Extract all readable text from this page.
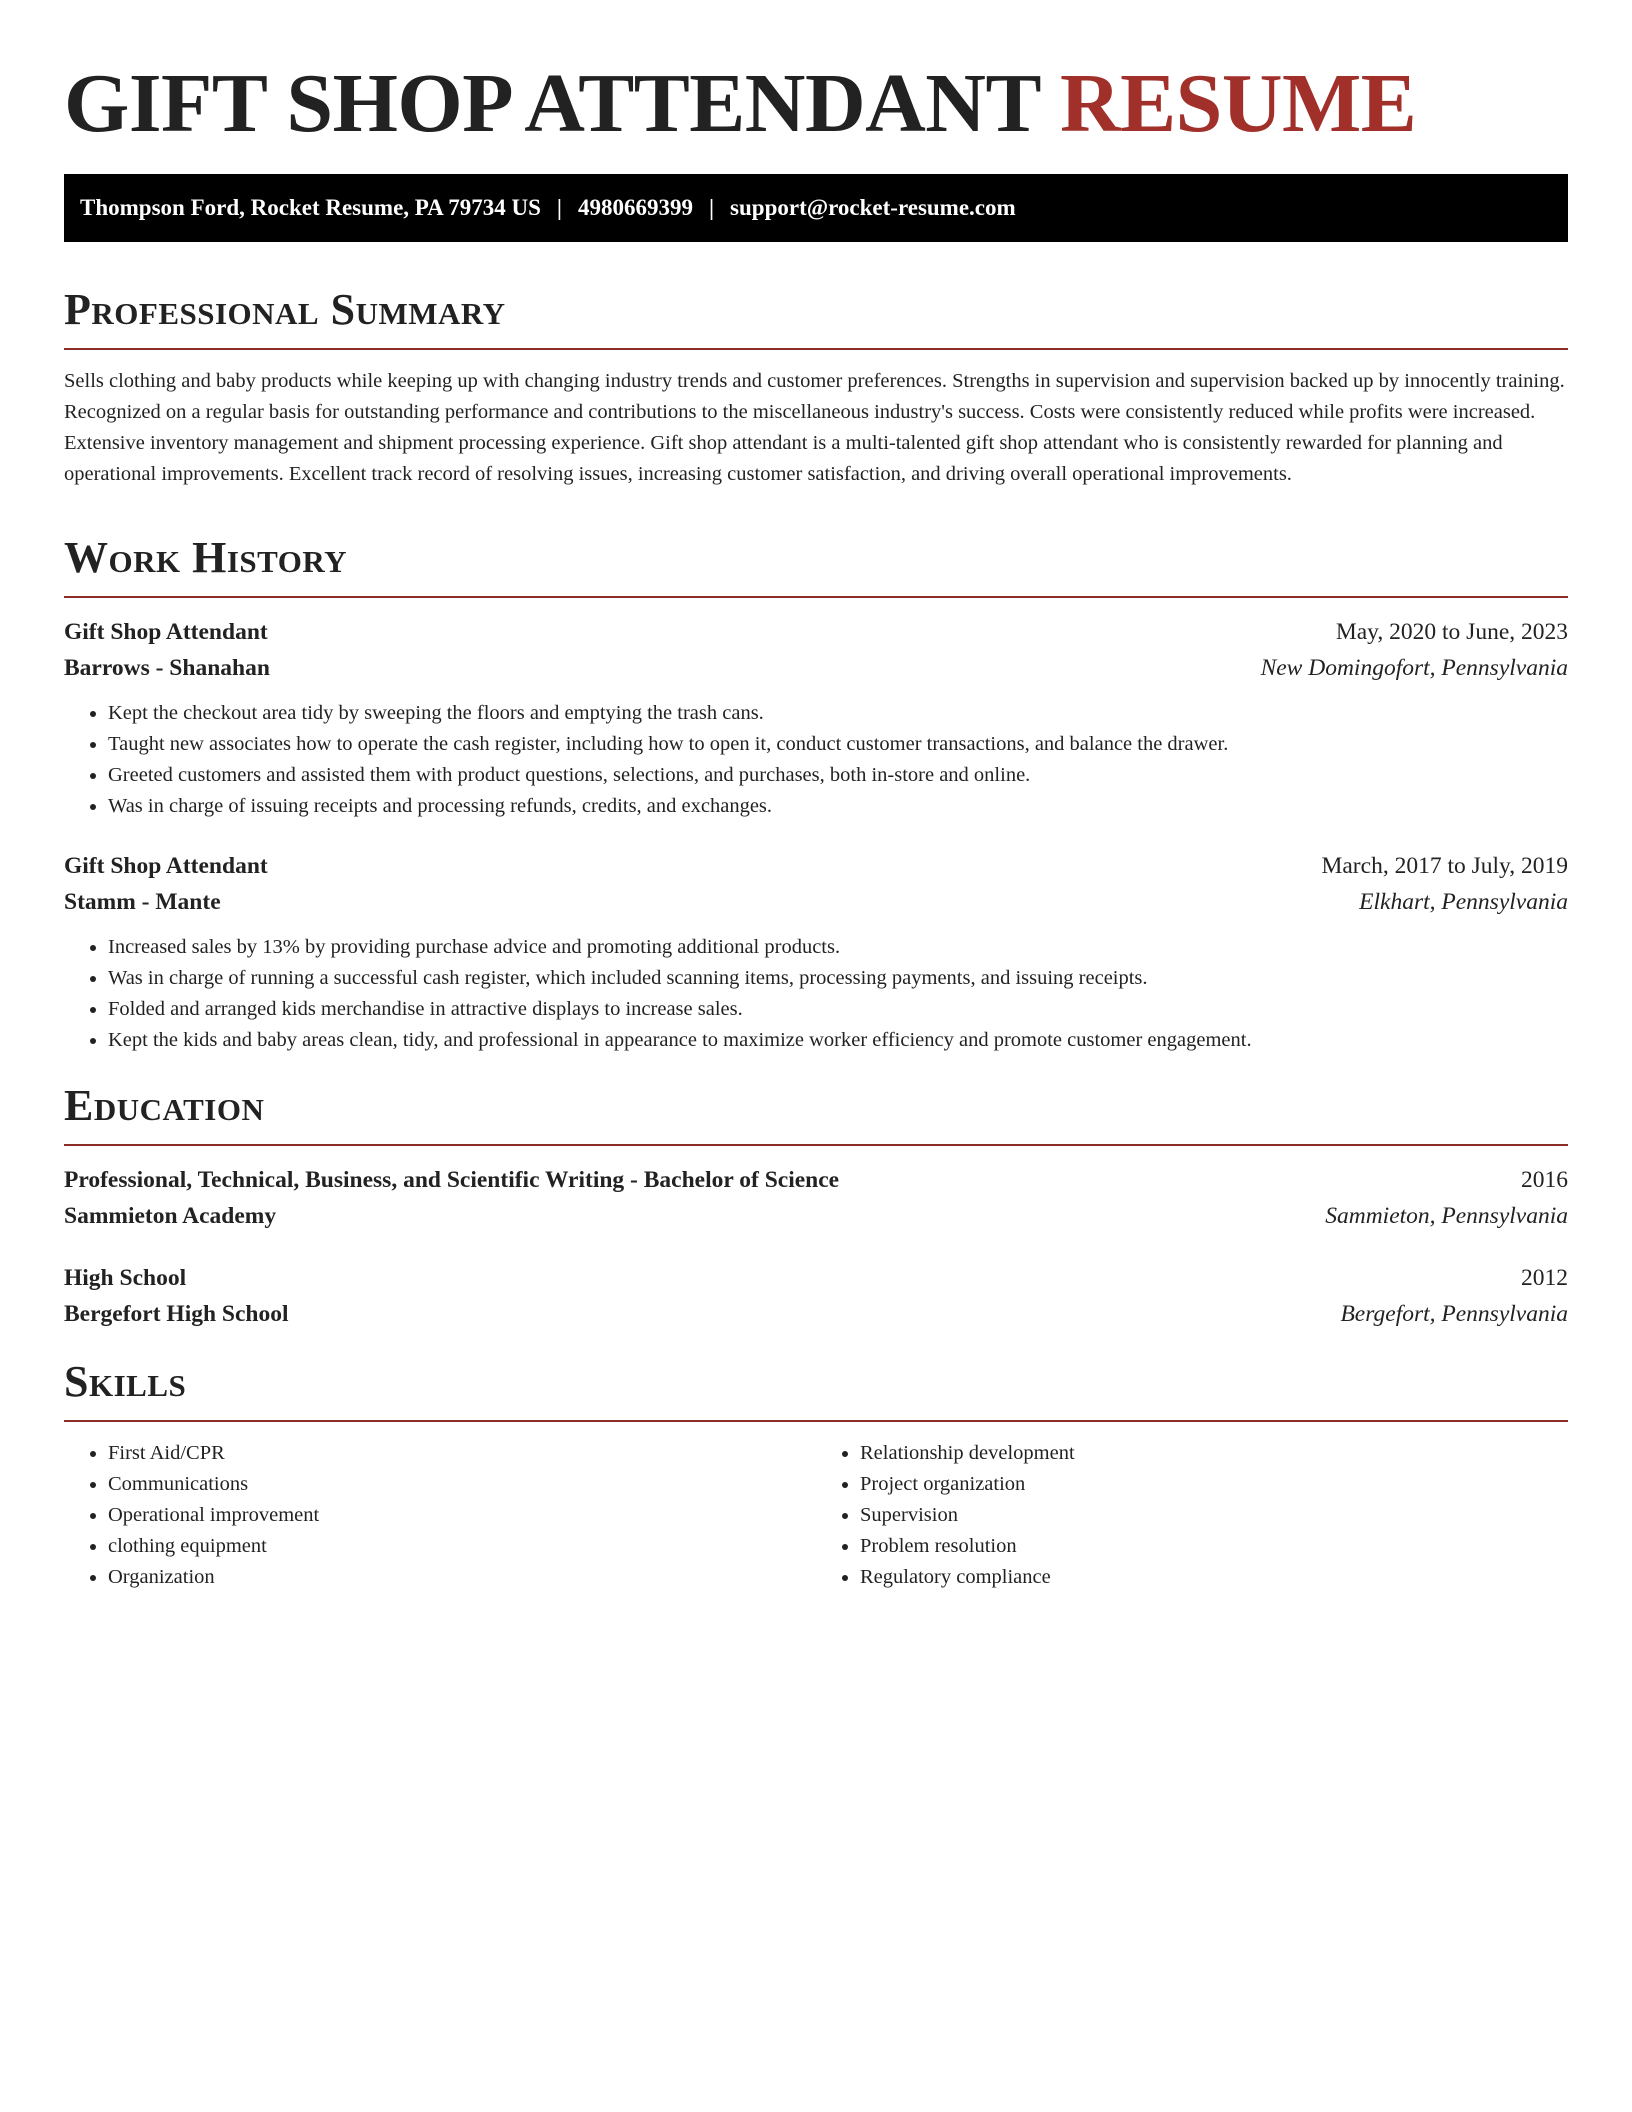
GIFT SHOP ATTENDANT RESUME
Thompson Ford, Rocket Resume, PA 79734 US | 4980669399 | support@rocket-resume.com
Professional Summary

Sells clothing and baby products while keeping up with changing industry trends and customer preferences. Strengths in supervision and supervision backed up by innocently training. Recognized on a regular basis for outstanding performance and contributions to the miscellaneous industry's success. Costs were consistently reduced while profits were increased. Extensive inventory management and shipment processing experience. Gift shop attendant is a multi-talented gift shop attendant who is consistently rewarded for planning and operational improvements. Excellent track record of resolving issues, increasing customer satisfaction, and driving overall operational improvements.

Work History
Gift Shop Attendant	May, 2020 to June, 2023
Barrows - Shanahan	New Domingofort, Pennsylvania
• Kept the checkout area tidy by sweeping the floors and emptying the trash cans.
• Taught new associates how to operate the cash register, including how to open it, conduct customer transactions, and balance the drawer.
• Greeted customers and assisted them with product questions, selections, and purchases, both in-store and online.
• Was in charge of issuing receipts and processing refunds, credits, and exchanges.
Gift Shop Attendant	March, 2017 to July, 2019
Stamm - Mante	Elkhart, Pennsylvania
• Increased sales by 13% by providing purchase advice and promoting additional products.
• Was in charge of running a successful cash register, which included scanning items, processing payments, and issuing receipts.
• Folded and arranged kids merchandise in attractive displays to increase sales.
• Kept the kids and baby areas clean, tidy, and professional in appearance to maximize worker efficiency and promote customer engagement.
Education
Professional, Technical, Business, and Scientific Writing - Bachelor of Science	2016
Sammieton Academy	Sammieton, Pennsylvania
High School	2012
Bergefort High School	Bergefort, Pennsylvania
Skills
• First Aid/CPR
• Communications
• Operational improvement
• clothing equipment
• Organization
• Relationship development
• Project organization
• Supervision
• Problem resolution
• Regulatory compliance
